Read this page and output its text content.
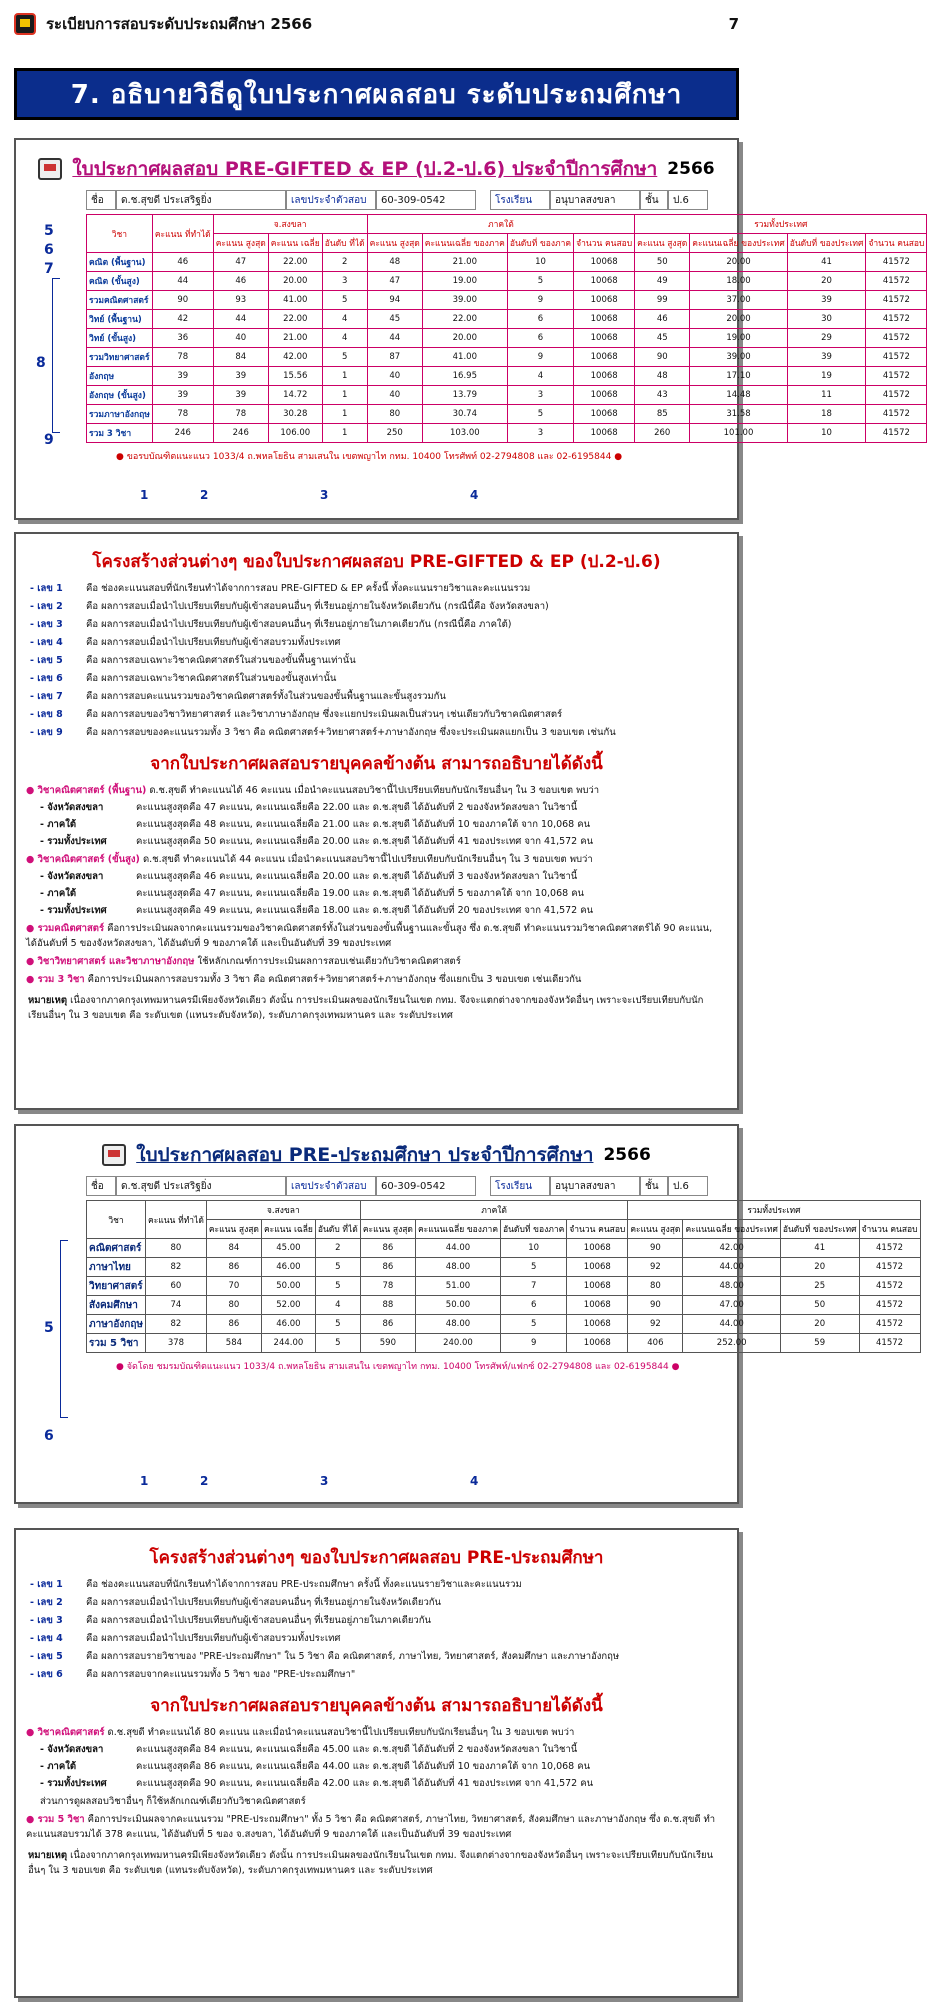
ระเบียบการสอบระดับประถมศึกษา 2566	7
7. อธิบายวิธีดูใบประกาศผลสอบ ระดับประถมศึกษา
ใบประกาศผลสอบ PRE-GIFTED & EP (ป.2-ป.6) ประจำปีการศึกษา 2566
ชื่อ	ด.ช.สุขดี ประเสริฐยิ่ง	เลขประจำตัวสอบ	60-309-0542	โรงเรียน	อนุบาลสงขลา	ชั้น	ป.6
วิชา	คะแนน ที่ทำได้	จ.สงขลา			ภาคใต้				รวมทั้งประเทศ			
		คะแนน สูงสุด	คะแนน เฉลี่ย	อันดับ ที่ได้	คะแนน สูงสุด	คะแนนเฉลี่ย ของภาค	อันดับที่ ของภาค	จำนวน คนสอบ	คะแนน สูงสุด	คะแนนเฉลี่ย ของประเทศ	อันดับที่ ของประเทศ	จำนวน คนสอบ
คณิต (พื้นฐาน)	46	47	22.00	2	48	21.00	10	10068	50	20.00	41	41572
คณิต (ขั้นสูง)	44	46	20.00	3	47	19.00	5	10068	49	18.00	20	41572
รวมคณิตศาสตร์	90	93	41.00	5	94	39.00	9	10068	99	37.00	39	41572
วิทย์ (พื้นฐาน)	42	44	22.00	4	45	22.00	6	10068	46	20.00	30	41572
วิทย์ (ขั้นสูง)	36	40	21.00	4	44	20.00	6	10068	45	19.00	29	41572
รวมวิทยาศาสตร์	78	84	42.00	5	87	41.00	9	10068	90	39.00	39	41572
อังกฤษ	39	39	15.56	1	40	16.95	4	10068	48	17.10	19	41572
อังกฤษ (ขั้นสูง)	39	39	14.72	1	40	13.79	3	10068	43	14.48	11	41572
รวมภาษาอังกฤษ	78	78	30.28	1	80	30.74	5	10068	85	31.58	18	41572
รวม 3 วิชา	246	246	106.00	1	250	103.00	3	10068	260	101.00	10	41572
● ขอรบบัณฑิตแนะแนว 1033/4 ถ.พหลโยธิน สามเสนใน เขตพญาไท กทม. 10400 โทรศัพท์ 02-2794808 และ 02-6195844 ●
5
6
7
8
9
1	2	3	4
โครงสร้างส่วนต่างๆ ของใบประกาศผลสอบ PRE-GIFTED & EP (ป.2-ป.6)
- เลข 1	คือ ช่องคะแนนสอบที่นักเรียนทำได้จากการสอบ PRE-GIFTED & EP ครั้งนี้ ทั้งคะแนนรายวิชาและคะแนนรวม
- เลข 2	คือ ผลการสอบเมื่อนำไปเปรียบเทียบกับผู้เข้าสอบคนอื่นๆ ที่เรียนอยู่ภายในจังหวัดเดียวกัน (กรณีนี้คือ จังหวัดสงขลา)
- เลข 3	คือ ผลการสอบเมื่อนำไปเปรียบเทียบกับผู้เข้าสอบคนอื่นๆ ที่เรียนอยู่ภายในภาคเดียวกัน (กรณีนี้คือ ภาคใต้)
- เลข 4	คือ ผลการสอบเมื่อนำไปเปรียบเทียบกับผู้เข้าสอบรวมทั้งประเทศ
- เลข 5	คือ ผลการสอบเฉพาะวิชาคณิตศาสตร์ในส่วนของขั้นพื้นฐานเท่านั้น
- เลข 6	คือ ผลการสอบเฉพาะวิชาคณิตศาสตร์ในส่วนของขั้นสูงเท่านั้น
- เลข 7	คือ ผลการสอบคะแนนรวมของวิชาคณิตศาสตร์ทั้งในส่วนของขั้นพื้นฐานและขั้นสูงรวมกัน
- เลข 8	คือ ผลการสอบของวิชาวิทยาศาสตร์ และวิชาภาษาอังกฤษ ซึ่งจะแยกประเมินผลเป็นส่วนๆ เช่นเดียวกับวิชาคณิตศาสตร์
- เลข 9	คือ ผลการสอบของคะแนนรวมทั้ง 3 วิชา คือ คณิตศาสตร์+วิทยาศาสตร์+ภาษาอังกฤษ ซึ่งจะประเมินผลแยกเป็น 3 ขอบเขต เช่นกัน
จากใบประกาศผลสอบรายบุคคลข้างต้น สามารถอธิบายได้ดังนี้
● วิชาคณิตศาสตร์ (พื้นฐาน) ด.ช.สุขดี ทำคะแนนได้ 46 คะแนน เมื่อนำคะแนนสอบวิชานี้ไปเปรียบเทียบกับนักเรียนอื่นๆ ใน 3 ขอบเขต พบว่า
- จังหวัดสงขลา	คะแนนสูงสุดคือ 47 คะแนน, คะแนนเฉลี่ยคือ 22.00 และ ด.ช.สุขดี ได้อันดับที่ 2 ของจังหวัดสงขลา ในวิชานี้
- ภาคใต้	คะแนนสูงสุดคือ 48 คะแนน, คะแนนเฉลี่ยคือ 21.00 และ ด.ช.สุขดี ได้อันดับที่ 10 ของภาคใต้ จาก 10,068 คน
- รวมทั้งประเทศ	คะแนนสูงสุดคือ 50 คะแนน, คะแนนเฉลี่ยคือ 20.00 และ ด.ช.สุขดี ได้อันดับที่ 41 ของประเทศ จาก 41,572 คน
● วิชาคณิตศาสตร์ (ขั้นสูง) ด.ช.สุขดี ทำคะแนนได้ 44 คะแนน เมื่อนำคะแนนสอบวิชานี้ไปเปรียบเทียบกับนักเรียนอื่นๆ ใน 3 ขอบเขต พบว่า
- จังหวัดสงขลา	คะแนนสูงสุดคือ 46 คะแนน, คะแนนเฉลี่ยคือ 20.00 และ ด.ช.สุขดี ได้อันดับที่ 3 ของจังหวัดสงขลา ในวิชานี้
- ภาคใต้	คะแนนสูงสุดคือ 47 คะแนน, คะแนนเฉลี่ยคือ 19.00 และ ด.ช.สุขดี ได้อันดับที่ 5 ของภาคใต้ จาก 10,068 คน
- รวมทั้งประเทศ	คะแนนสูงสุดคือ 49 คะแนน, คะแนนเฉลี่ยคือ 18.00 และ ด.ช.สุขดี ได้อันดับที่ 20 ของประเทศ จาก 41,572 คน
● รวมคณิตศาสตร์ คือการประเมินผลจากคะแนนรวมของวิชาคณิตศาสตร์ทั้งในส่วนของขั้นพื้นฐานและขั้นสูง ซึ่ง ด.ช.สุขดี ทำคะแนนรวมวิชาคณิตศาสตร์ได้ 90 คะแนน, ได้อันดับที่ 5 ของจังหวัดสงขลา, ได้อันดับที่ 9 ของภาคใต้ และเป็นอันดับที่ 39 ของประเทศ
● วิชาวิทยาศาสตร์ และวิชาภาษาอังกฤษ ใช้หลักเกณฑ์การประเมินผลการสอบเช่นเดียวกับวิชาคณิตศาสตร์
● รวม 3 วิชา คือการประเมินผลการสอบรวมทั้ง 3 วิชา คือ คณิตศาสตร์+วิทยาศาสตร์+ภาษาอังกฤษ ซึ่งแยกเป็น 3 ขอบเขต เช่นเดียวกัน
หมายเหตุ เนื่องจากภาคกรุงเทพมหานครมีเพียงจังหวัดเดียว ดังนั้น การประเมินผลของนักเรียนในเขต กทม. จึงจะแตกต่างจากของจังหวัดอื่นๆ เพราะจะเปรียบเทียบกับนักเรียนอื่นๆ ใน 3 ขอบเขต คือ ระดับเขต (แทนระดับจังหวัด), ระดับภาคกรุงเทพมหานคร และ ระดับประเทศ
ใบประกาศผลสอบ PRE-ประถมศึกษา ประจำปีการศึกษา 2566
ชื่อ	ด.ช.สุขดี ประเสริฐยิ่ง	เลขประจำตัวสอบ	60-309-0542	โรงเรียน	อนุบาลสงขลา	ชั้น	ป.6
วิชา	คะแนน ที่ทำได้	จ.สงขลา			ภาคใต้				รวมทั้งประเทศ			
		คะแนน สูงสุด	คะแนน เฉลี่ย	อันดับ ที่ได้	คะแนน สูงสุด	คะแนนเฉลี่ย ของภาค	อันดับที่ ของภาค	จำนวน คนสอบ	คะแนน สูงสุด	คะแนนเฉลี่ย ของประเทศ	อันดับที่ ของประเทศ	จำนวน คนสอบ
คณิตศาสตร์	80	84	45.00	2	86	44.00	10	10068	90	42.00	41	41572
ภาษาไทย	82	86	46.00	5	86	48.00	5	10068	92	44.00	20	41572
วิทยาศาสตร์	60	70	50.00	5	78	51.00	7	10068	80	48.00	25	41572
สังคมศึกษา	74	80	52.00	4	88	50.00	6	10068	90	47.00	50	41572
ภาษาอังกฤษ	82	86	46.00	5	86	48.00	5	10068	92	44.00	20	41572
รวม 5 วิชา	378	584	244.00	5	590	240.00	9	10068	406	252.00	59	41572
● จัดโดย ชมรมบัณฑิตแนะแนว 1033/4 ถ.พหลโยธิน สามเสนใน เขตพญาไท กทม. 10400 โทรศัพท์/แฟกซ์ 02-2794808 และ 02-6195844 ●
5
6
1	2	3	4
โครงสร้างส่วนต่างๆ ของใบประกาศผลสอบ PRE-ประถมศึกษา
- เลข 1	คือ ช่องคะแนนสอบที่นักเรียนทำได้จากการสอบ PRE-ประถมศึกษา ครั้งนี้ ทั้งคะแนนรายวิชาและคะแนนรวม
- เลข 2	คือ ผลการสอบเมื่อนำไปเปรียบเทียบกับผู้เข้าสอบคนอื่นๆ ที่เรียนอยู่ภายในจังหวัดเดียวกัน
- เลข 3	คือ ผลการสอบเมื่อนำไปเปรียบเทียบกับผู้เข้าสอบคนอื่นๆ ที่เรียนอยู่ภายในภาคเดียวกัน
- เลข 4	คือ ผลการสอบเมื่อนำไปเปรียบเทียบกับผู้เข้าสอบรวมทั้งประเทศ
- เลข 5	คือ ผลการสอบรายวิชาของ "PRE-ประถมศึกษา" ใน 5 วิชา คือ คณิตศาสตร์, ภาษาไทย, วิทยาศาสตร์, สังคมศึกษา และภาษาอังกฤษ
- เลข 6	คือ ผลการสอบจากคะแนนรวมทั้ง 5 วิชา ของ "PRE-ประถมศึกษา"
จากใบประกาศผลสอบรายบุคคลข้างต้น สามารถอธิบายได้ดังนี้
● วิชาคณิตศาสตร์ ด.ช.สุขดี ทำคะแนนได้ 80 คะแนน และเมื่อนำคะแนนสอบวิชานี้ไปเปรียบเทียบกับนักเรียนอื่นๆ ใน 3 ขอบเขต พบว่า
- จังหวัดสงขลา	คะแนนสูงสุดคือ 84 คะแนน, คะแนนเฉลี่ยคือ 45.00 และ ด.ช.สุขดี ได้อันดับที่ 2 ของจังหวัดสงขลา ในวิชานี้
- ภาคใต้	คะแนนสูงสุดคือ 86 คะแนน, คะแนนเฉลี่ยคือ 44.00 และ ด.ช.สุขดี ได้อันดับที่ 10 ของภาคใต้ จาก 10,068 คน
- รวมทั้งประเทศ	คะแนนสูงสุดคือ 90 คะแนน, คะแนนเฉลี่ยคือ 42.00 และ ด.ช.สุขดี ได้อันดับที่ 41 ของประเทศ จาก 41,572 คน
ส่วนการดูผลสอบวิชาอื่นๆ ก็ใช้หลักเกณฑ์เดียวกับวิชาคณิตศาสตร์
● รวม 5 วิชา คือการประเมินผลจากคะแนนรวม "PRE-ประถมศึกษา" ทั้ง 5 วิชา คือ คณิตศาสตร์, ภาษาไทย, วิทยาศาสตร์, สังคมศึกษา และภาษาอังกฤษ ซึ่ง ด.ช.สุขดี ทำคะแนนสอบรวมได้ 378 คะแนน, ได้อันดับที่ 5 ของ จ.สงขลา, ได้อันดับที่ 9 ของภาคใต้ และเป็นอันดับที่ 39 ของประเทศ
หมายเหตุ เนื่องจากภาคกรุงเทพมหานครมีเพียงจังหวัดเดียว ดังนั้น การประเมินผลของนักเรียนในเขต กทม. จึงแตกต่างจากของจังหวัดอื่นๆ เพราะจะเปรียบเทียบกับนักเรียนอื่นๆ ใน 3 ขอบเขต คือ ระดับเขต (แทนระดับจังหวัด), ระดับภาคกรุงเทพมหานคร และ ระดับประเทศ
